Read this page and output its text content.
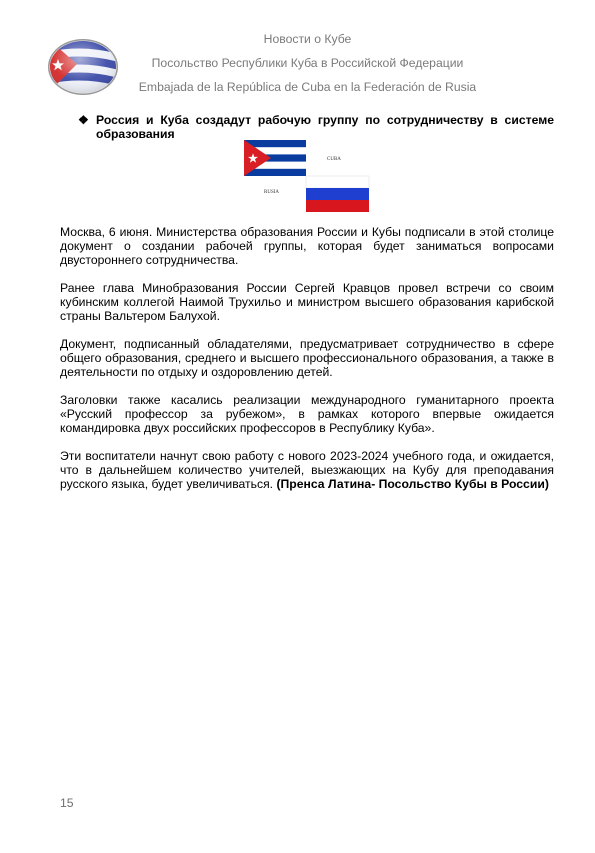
Новости о Кубе
Посольство Республики Куба в Российской Федерации
Embajada de la República de Cuba en la Federación de Rusia
❖ Россия и Куба создадут рабочую группу по сотрудничеству в системе образования
CUBA
RUSIA

Москва, 6 июня. Министерства образования России и Кубы подписали в этой столице документ о создании рабочей группы, которая будет заниматься вопросами двустороннего сотрудничества.

Ранее глава Минобразования России Сергей Кравцов провел встречи со своим кубинским коллегой Наимой Трухильо и министром высшего образования карибской страны Вальтером Балухой.

Документ, подписанный обладателями, предусматривает сотрудничество в сфере общего образования, среднего и высшего профессионального образования, а также в деятельности по отдыху и оздоровлению детей.

Заголовки также касались реализации международного гуманитарного проекта «Русский профессор за рубежом», в рамках которого впервые ожидается командировка двух российских профессоров в Республику Куба».

Эти воспитатели начнут свою работу с нового 2023-2024 учебного года, и ожидается, что в дальнейшем количество учителей, выезжающих на Кубу для преподавания русского языка, будет увеличиваться. (Пренса Латина- Посольство Кубы в России)

15
